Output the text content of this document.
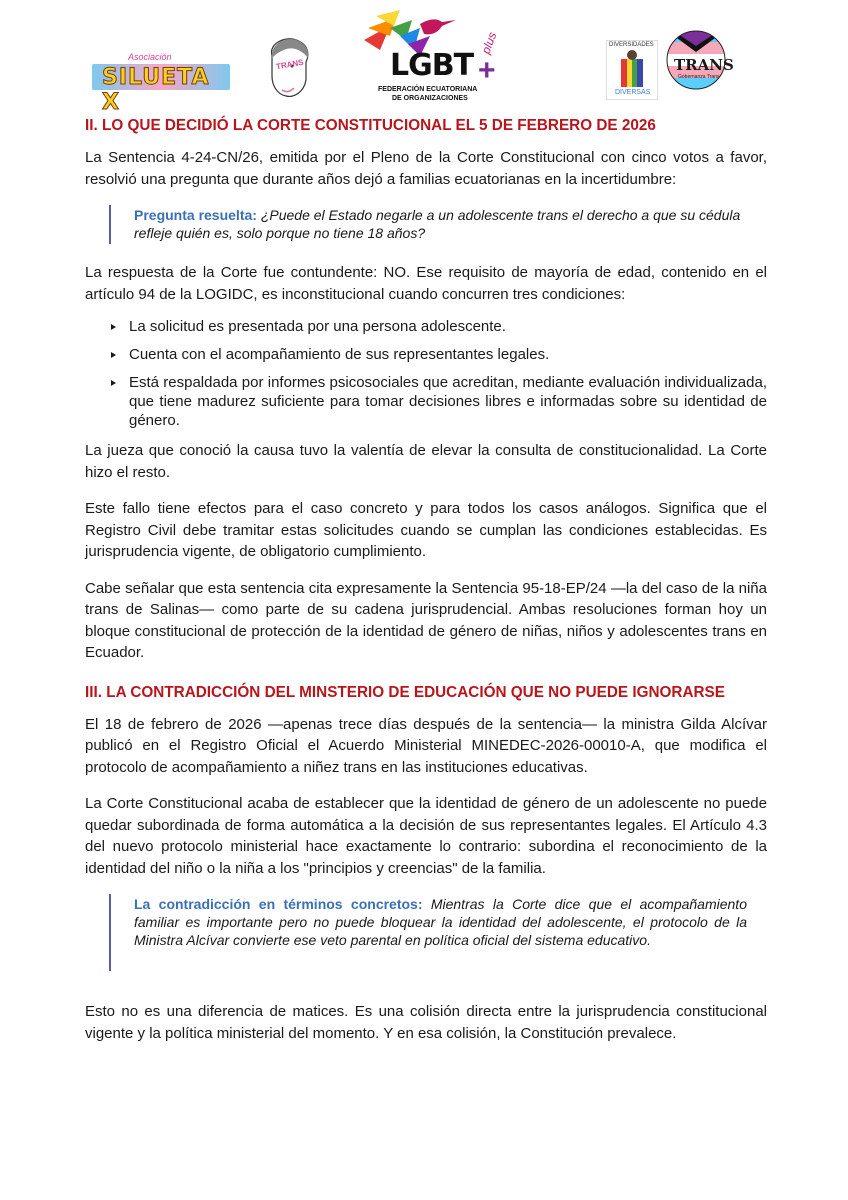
Asociación
SILUETA X
TRANS	LGBT
plus
+
FEDERACIÓN ECUATORIANA
DE ORGANIZACIONES
DIVERSIDADES
DIVERSAS
TRANS
Gobernanza Trans
II. LO QUE DECIDIÓ LA CORTE CONSTITUCIONAL EL 5 DE FEBRERO DE 2026

La Sentencia 4-24-CN/26, emitida por el Pleno de la Corte Constitucional con cinco votos a favor, resolvió una pregunta que durante años dejó a familias ecuatorianas en la incertidumbre:

Pregunta resuelta: ¿Puede el Estado negarle a un adolescente trans el derecho a que su cédula refleje quién es, solo porque no tiene 18 años?

La respuesta de la Corte fue contundente: NO. Ese requisito de mayoría de edad, contenido en el artículo 94 de la LOGIDC, es inconstitucional cuando concurren tres condiciones:

La solicitud es presentada por una persona adolescente.
Cuenta con el acompañamiento de sus representantes legales.
Está respaldada por informes psicosociales que acreditan, mediante evaluación individualizada, que tiene madurez suficiente para tomar decisiones libres e informadas sobre su identidad de género.

La jueza que conoció la causa tuvo la valentía de elevar la consulta de constitucionalidad. La Corte hizo el resto.

Este fallo tiene efectos para el caso concreto y para todos los casos análogos. Significa que el Registro Civil debe tramitar estas solicitudes cuando se cumplan las condiciones establecidas. Es jurisprudencia vigente, de obligatorio cumplimiento.

Cabe señalar que esta sentencia cita expresamente la Sentencia 95-18-EP/24 —la del caso de la niña trans de Salinas— como parte de su cadena jurisprudencial. Ambas resoluciones forman hoy un bloque constitucional de protección de la identidad de género de niñas, niños y adolescentes trans en Ecuador.

III. LA CONTRADICCIÓN DEL MINSTERIO DE EDUCACIÓN QUE NO PUEDE IGNORARSE

El 18 de febrero de 2026 —apenas trece días después de la sentencia— la ministra Gilda Alcívar publicó en el Registro Oficial el Acuerdo Ministerial MINEDEC-2026-00010-A, que modifica el protocolo de acompañamiento a niñez trans en las instituciones educativas.

La Corte Constitucional acaba de establecer que la identidad de género de un adolescente no puede quedar subordinada de forma automática a la decisión de sus representantes legales. El Artículo 4.3 del nuevo protocolo ministerial hace exactamente lo contrario: subordina el reconocimiento de la identidad del niño o la niña a los "principios y creencias" de la familia.

La contradicción en términos concretos: Mientras la Corte dice que el acompañamiento familiar es importante pero no puede bloquear la identidad del adolescente, el protocolo de la Ministra Alcívar convierte ese veto parental en política oficial del sistema educativo.

Esto no es una diferencia de matices. Es una colisión directa entre la jurisprudencia constitucional vigente y la política ministerial del momento. Y en esa colisión, la Constitución prevalece.
